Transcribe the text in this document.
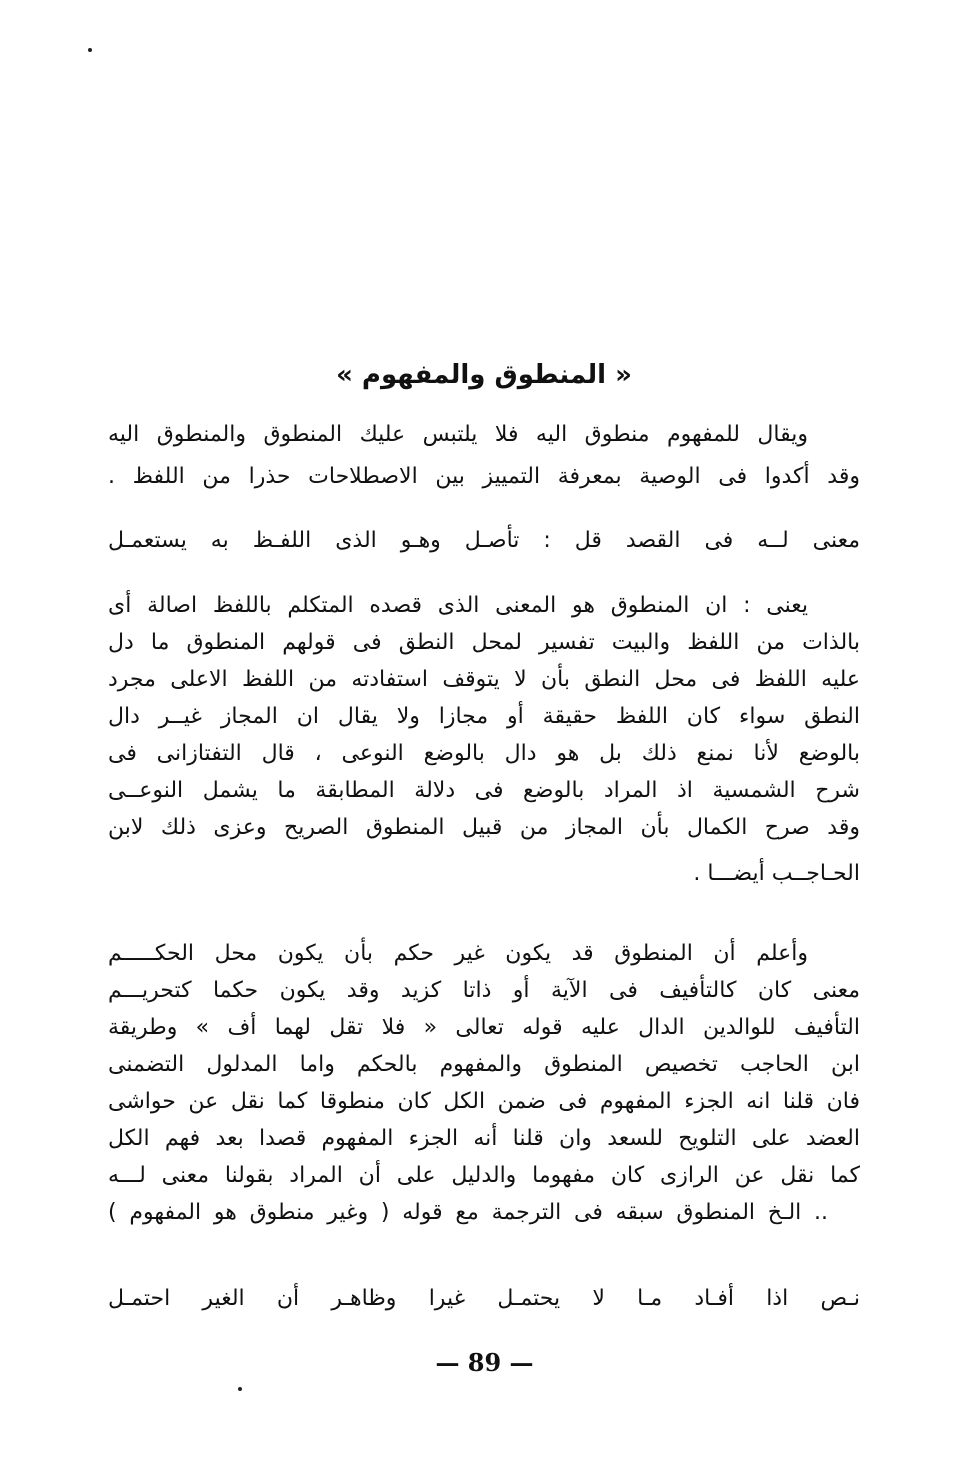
« المنطوق والمفهوم »
ويقال للمفهوم منطوق اليه فلا يلتبس عليك المنطوق والمنطوق اليه
وقد أكدوا فى الوصية بمعرفة التمييز بين الاصطلاحات حذرا من اللفظ .
معنى لــه فى القصد قل : تأصـل وهـو الذى اللفـظ به يستعمـل
يعنى : ان المنطوق هو المعنى الذى قصده المتكلم باللفظ اصالة أى
بالذات من اللفظ والبيت تفسير لمحل النطق فى قولهم المنطوق ما دل
عليه اللفظ فى محل النطق بأن لا يتوقف استفادته من اللفظ الاعلى مجرد
النطق سواء كان اللفظ حقيقة أو مجازا ولا يقال ان المجاز غيــر دال
بالوضع لأنا نمنع ذلك بل هو دال بالوضع النوعى ، قال التفتازانى فى
شرح الشمسية اذ المراد بالوضع فى دلالة المطابقة ما يشمل النوعــى
وقد صرح الكمال بأن المجاز من قبيل المنطوق الصريح وعزى ذلك لابن
الحـاجــب أيضـــا .
وأعلم أن المنطوق قد يكون غير حكم بأن يكون محل الحكـــــم
معنى كان كالتأفيف فى الآية أو ذاتا كزيد وقد يكون حكما كتحريـــم
التأفيف للوالدين الدال عليه قوله تعالى « فلا تقل لهما أف » وطريقة
ابن الحاجب تخصيص المنطوق والمفهوم بالحكم واما المدلول التضمنى
فان قلنا انه الجزء المفهوم فى ضمن الكل كان منطوقا كما نقل عن حواشى
العضد على التلويح للسعد وان قلنا أنه الجزء المفهوم قصدا بعد فهم الكل
كما نقل عن الرازى كان مفهوما والدليل على أن المراد بقولنا معنى لـــه
.. الـخ المنطوق سبقه فى الترجمة مع قوله ( وغير منطوق هو المفهوم )
نـص اذا أفـاد مـا لا يحتمـل غيرا وظاهـر أن الغير احتمـل
— 89 —
